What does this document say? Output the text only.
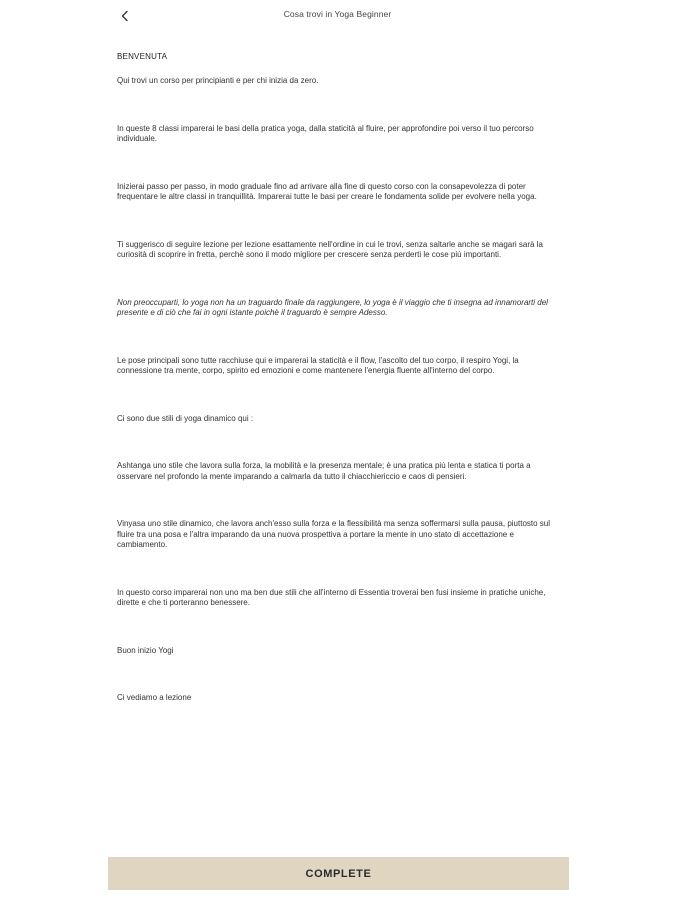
Cosa trovi in Yoga Beginner

BENVENUTA

Qui trovi un corso per principianti e per chi inizia da zero.

In queste 8 classi imparerai le basi della pratica yoga, dalla staticità al fluire, per approfondire poi verso il tuo percorso individuale.

Inizierai passo per passo, in modo graduale fino ad arrivare alla fine di questo corso con la consapevolezza di poter frequentare le altre classi in tranquillità. Imparerai tutte le basi per creare le fondamenta solide per evolvere nella yoga.

Ti suggerisco di seguire lezione per lezione esattamente nell'ordine in cui le trovi, senza saltarle anche se magari sarà la curiosità di scoprire in fretta, perchè sono il modo migliore per crescere senza perderti le cose più importanti.

Non preoccuparti, lo yoga non ha un traguardo finale da raggiungere, lo yoga è il viaggio che ti insegna ad innamorarti del presente e di ciò che fai in ogni istante poichè il traguardo è sempre Adesso.

Le pose principali sono tutte racchiuse qui e imparerai la staticità e il flow, l'ascolto del tuo corpo, il respiro Yogi, la connessione tra mente, corpo, spirito ed emozioni e come mantenere l'energia fluente all'interno del corpo.

Ci sono due stili di yoga dinamico qui :

Ashtanga uno stile che lavora sulla forza, la mobilità e la presenza mentale; è una pratica più lenta e statica ti porta a osservare nel profondo la mente imparando a calmarla da tutto il chiacchiericcio e caos di pensieri.

Vinyasa uno stile dinamico, che lavora anch'esso sulla forza e la flessibilità ma senza soffermarsi sulla pausa, piuttosto sul fluire tra una posa e l'altra imparando da una nuova prospettiva a portare la mente in uno stato di accettazione e cambiamento.

In questo corso imparerai non uno ma ben due stili che all'interno di Essentia troverai ben fusi insieme in pratiche uniche, dirette e che ti porteranno benessere.

Buon inizio Yogi

Ci vediamo a lezione

COMPLETE
